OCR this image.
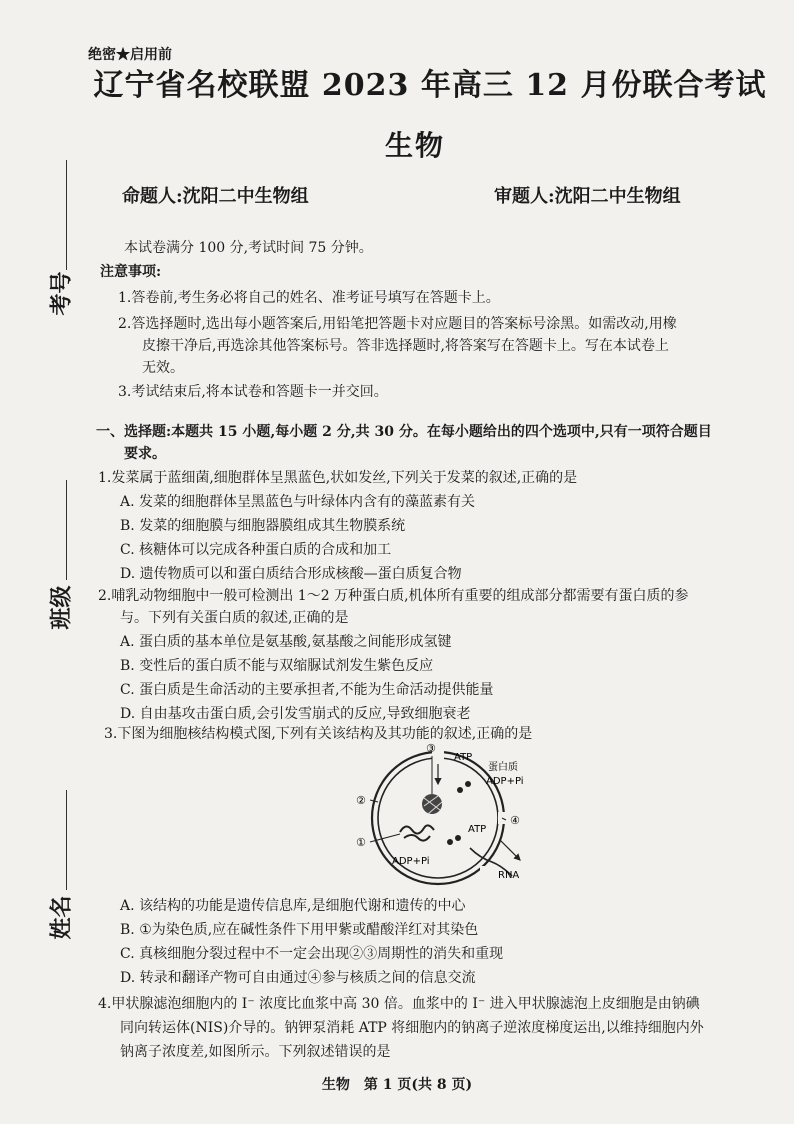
考号
班级
姓名
绝密★启用前
辽宁省名校联盟 2023 年高三 12 月份联合考试
生物
命题人:沈阳二中生物组	审题人:沈阳二中生物组
本试卷满分 100 分,考试时间 75 分钟。
注意事项:
1.答卷前,考生务必将自己的姓名、准考证号填写在答题卡上。
2.答选择题时,选出每小题答案后,用铅笔把答题卡对应题目的答案标号涂黑。如需改动,用橡
皮擦干净后,再选涂其他答案标号。答非选择题时,将答案写在答题卡上。写在本试卷上
无效。
3.考试结束后,将本试卷和答题卡一并交回。
一、选择题:本题共 15 小题,每小题 2 分,共 30 分。在每小题给出的四个选项中,只有一项符合题目
要求。
1.发菜属于蓝细菌,细胞群体呈黑蓝色,状如发丝,下列关于发菜的叙述,正确的是
A. 发菜的细胞群体呈黑蓝色与叶绿体内含有的藻蓝素有关
B. 发菜的细胞膜与细胞器膜组成其生物膜系统
C. 核糖体可以完成各种蛋白质的合成和加工
D. 遗传物质可以和蛋白质结合形成核酸—蛋白质复合物
2.哺乳动物细胞中一般可检测出 1～2 万种蛋白质,机体所有重要的组成部分都需要有蛋白质的参
与。下列有关蛋白质的叙述,正确的是
A. 蛋白质的基本单位是氨基酸,氨基酸之间能形成氢键
B. 变性后的蛋白质不能与双缩脲试剂发生紫色反应
C. 蛋白质是生命活动的主要承担者,不能为生命活动提供能量
D. 自由基攻击蛋白质,会引发雪崩式的反应,导致细胞衰老
3.下图为细胞核结构模式图,下列有关该结构及其功能的叙述,正确的是
③
②
①
④
ATP
蛋白质
ADP+Pi
ATP
ADP+Pi
RNA
A. 该结构的功能是遗传信息库,是细胞代谢和遗传的中心
B. ①为染色质,应在碱性条件下用甲紫或醋酸洋红对其染色
C. 真核细胞分裂过程中不一定会出现②③周期性的消失和重现
D. 转录和翻译产物可自由通过④参与核质之间的信息交流
4.甲状腺滤泡细胞内的 I⁻ 浓度比血浆中高 30 倍。血浆中的 I⁻ 进入甲状腺滤泡上皮细胞是由钠碘
同向转运体(NIS)介导的。钠钾泵消耗 ATP 将细胞内的钠离子逆浓度梯度运出,以维持细胞内外
钠离子浓度差,如图所示。下列叙述错误的是
生物　第 1 页(共 8 页)
